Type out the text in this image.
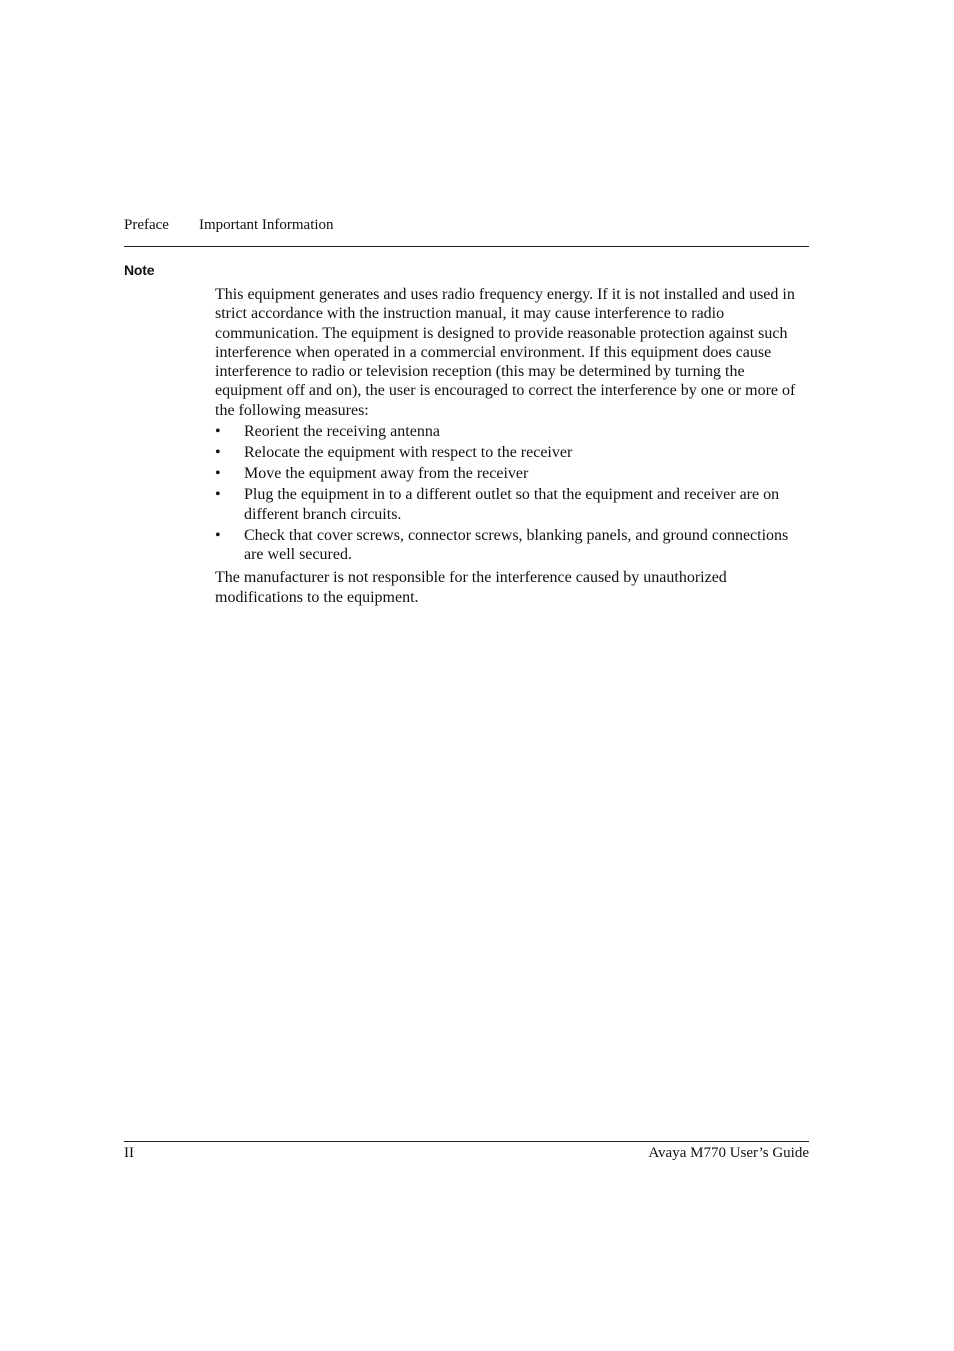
Preface Important Information
Note

This equipment generates and uses radio frequency energy. If it is not installed and used in strict accordance with the instruction manual, it may cause interference to radio communication. The equipment is designed to provide reasonable protection against such interference when operated in a commercial environment. If this equipment does cause interference to radio or television reception (this may be determined by turning the equipment off and on), the user is encouraged to correct the interference by one or more of the following measures:

• Reorient the receiving antenna
• Relocate the equipment with respect to the receiver
• Move the equipment away from the receiver
• Plug the equipment in to a different outlet so that the equipment and receiver are on different branch circuits.
• Check that cover screws, connector screws, blanking panels, and ground connections are well secured.

The manufacturer is not responsible for the interference caused by unauthorized modifications to the equipment.

II	Avaya M770 User’s Guide
